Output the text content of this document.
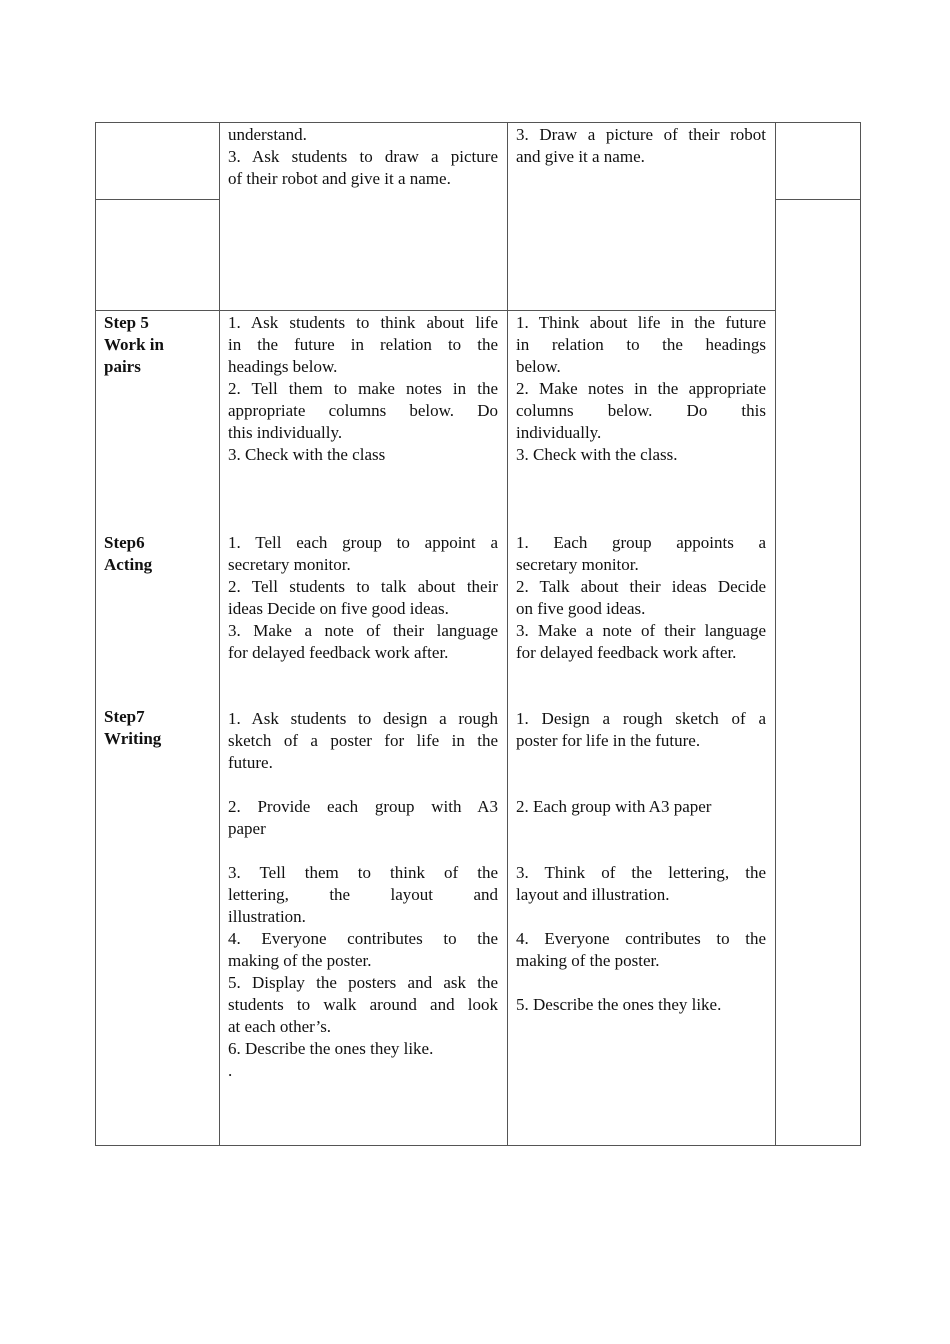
understand.
3. Ask students to draw a picture
of their robot and give it a name.
3. Draw a picture of their robot
and give it a name.
Step 5
Work in
pairs
1. Ask students to think about life
in the future in relation to the
headings below.
2. Tell them to make notes in the
appropriate columns below. Do
this individually.
3. Check with the class
1. Think about life in the future
in relation to the headings
below.
2. Make notes in the appropriate
columns below. Do this
individually.
3. Check with the class.
Step6
Acting
1. Tell each group to appoint a
secretary monitor.
2. Tell students to talk about their
ideas Decide on five good ideas.
3. Make a note of their language
for delayed feedback work after.
1. Each group appoints a
secretary monitor.
2. Talk about their ideas Decide
on five good ideas.
3. Make a note of their language
for delayed feedback work after.
Step7
Writing
1. Ask students to design a rough
sketch of a poster for life in the
future.
2. Provide each group with A3
paper
3. Tell them to think of the
lettering, the layout and
illustration.
4. Everyone contributes to the
making of the poster.
5. Display the posters and ask the
students to walk around and look
at each other’s.
6. Describe the ones they like.
.
1. Design a rough sketch of a
poster for life in the future.
2. Each group with A3 paper
3. Think of the lettering, the
layout and illustration.
4. Everyone contributes to the
making of the poster.
5. Describe the ones they like.
